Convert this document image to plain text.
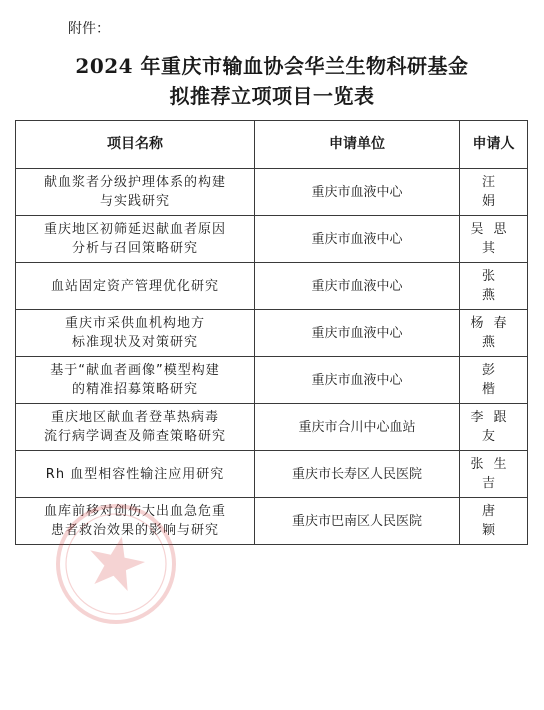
附件：
2024 年重庆市输血协会华兰生物科研基金
拟推荐立项项目一览表
项目名称	申请单位	申请人

献血浆者分级护理体系的构建
与实践研究	重庆市血液中心	汪 娟

重庆地区初筛延迟献血者原因
分析与召回策略研究	重庆市血液中心	吴思其

血站固定资产管理优化研究	重庆市血液中心	张 燕

重庆市采供血机构地方
标准现状及对策研究	重庆市血液中心	杨春燕

基于“献血者画像”模型构建
的精准招募策略研究	重庆市血液中心	彭 楷

重庆地区献血者登革热病毒
流行病学调查及筛查策略研究	重庆市合川中心血站	李跟友

Rh 血型相容性输注应用研究	重庆市长寿区人民医院	张生吉

血库前移对创伤大出血急危重
患者救治效果的影响与研究	重庆市巴南区人民医院	唐 颖
